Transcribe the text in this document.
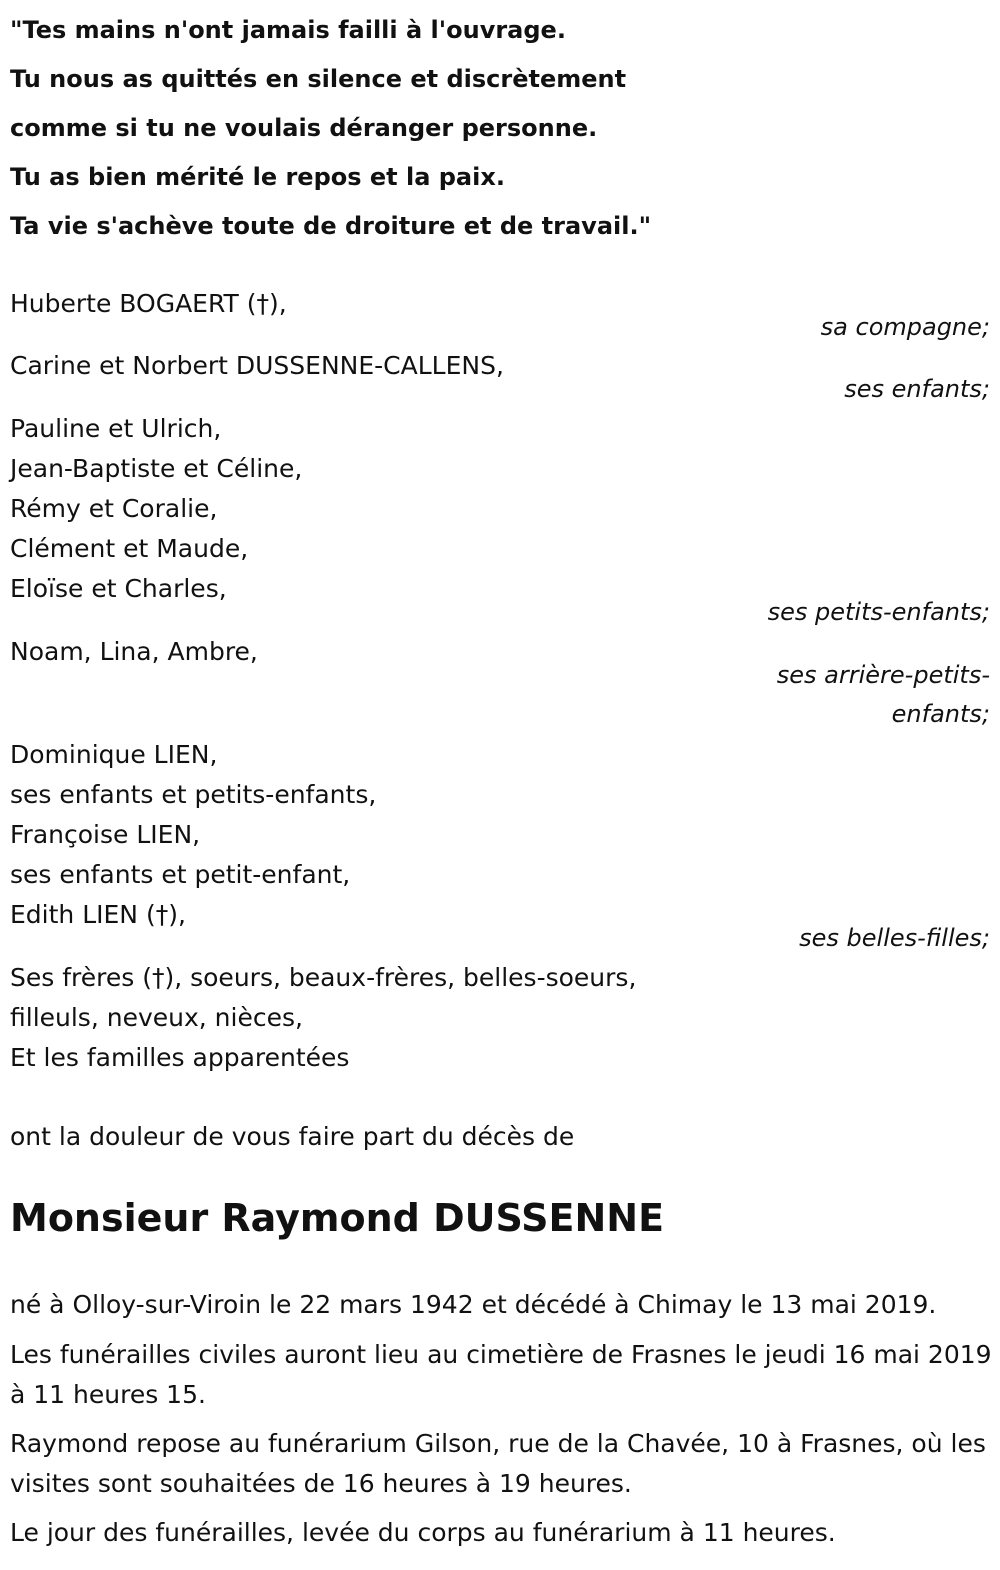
"Tes mains n'ont jamais failli à l'ouvrage.
Tu nous as quittés en silence et discrètement
comme si tu ne voulais déranger personne.
Tu as bien mérité le repos et la paix.
Ta vie s'achève toute de droiture et de travail."
Huberte BOGAERT (†),
sa compagne;
Carine et Norbert DUSSENNE-CALLENS,
ses enfants;
Pauline et Ulrich,
Jean-Baptiste et Céline,
Rémy et Coralie,
Clément et Maude,
Eloïse et Charles,
ses petits-enfants;
Noam, Lina, Ambre,
ses arrière-petits-
enfants;
Dominique LIEN,
ses enfants et petits-enfants,
Françoise LIEN,
ses enfants et petit-enfant,
Edith LIEN (†),
ses belles-filles;
Ses frères (†), soeurs, beaux-frères, belles-soeurs,
filleuls, neveux, nièces,
Et les familles apparentées
ont la douleur de vous faire part du décès de
Monsieur Raymond DUSSENNE
né à Olloy-sur-Viroin le 22 mars 1942 et décédé à Chimay le 13 mai 2019.
Les funérailles civiles auront lieu au cimetière de Frasnes le jeudi 16 mai 2019 à 11 heures 15.
Raymond repose au funérarium Gilson, rue de la Chavée, 10 à Frasnes, où les visites sont souhaitées de 16 heures à 19 heures.
Le jour des funérailles, levée du corps au funérarium à 11 heures.
